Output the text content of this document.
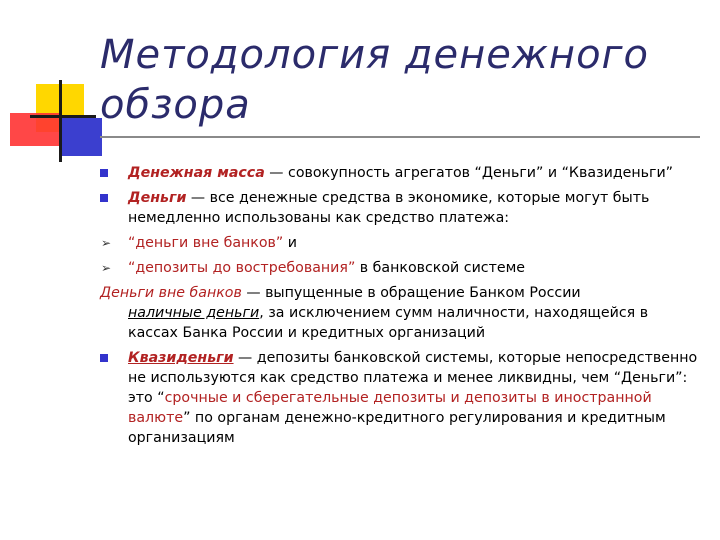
Методология денежного обзора
Денежная масса — совокупность агрегатов “Деньги” и “Квазиденьги”
Деньги — все денежные средства в экономике, которые могут быть немедленно использованы как средство платежа:
➢ “деньги вне банков” и
➢ “депозиты до востребования” в банковской системе
Деньги вне банков — выпущенные в обращение Банком России
наличные деньги, за исключением сумм наличности, находящейся в кассах Банка России и кредитных организаций
Квазиденьги — депозиты банковской системы, которые непосредственно не используются как средство платежа и менее ликвидны, чем “Деньги”: это “срочные и сберегательные депозиты и депозиты в иностранной валюте” по органам денежно-кредитного регулирования и кредитным организациям
